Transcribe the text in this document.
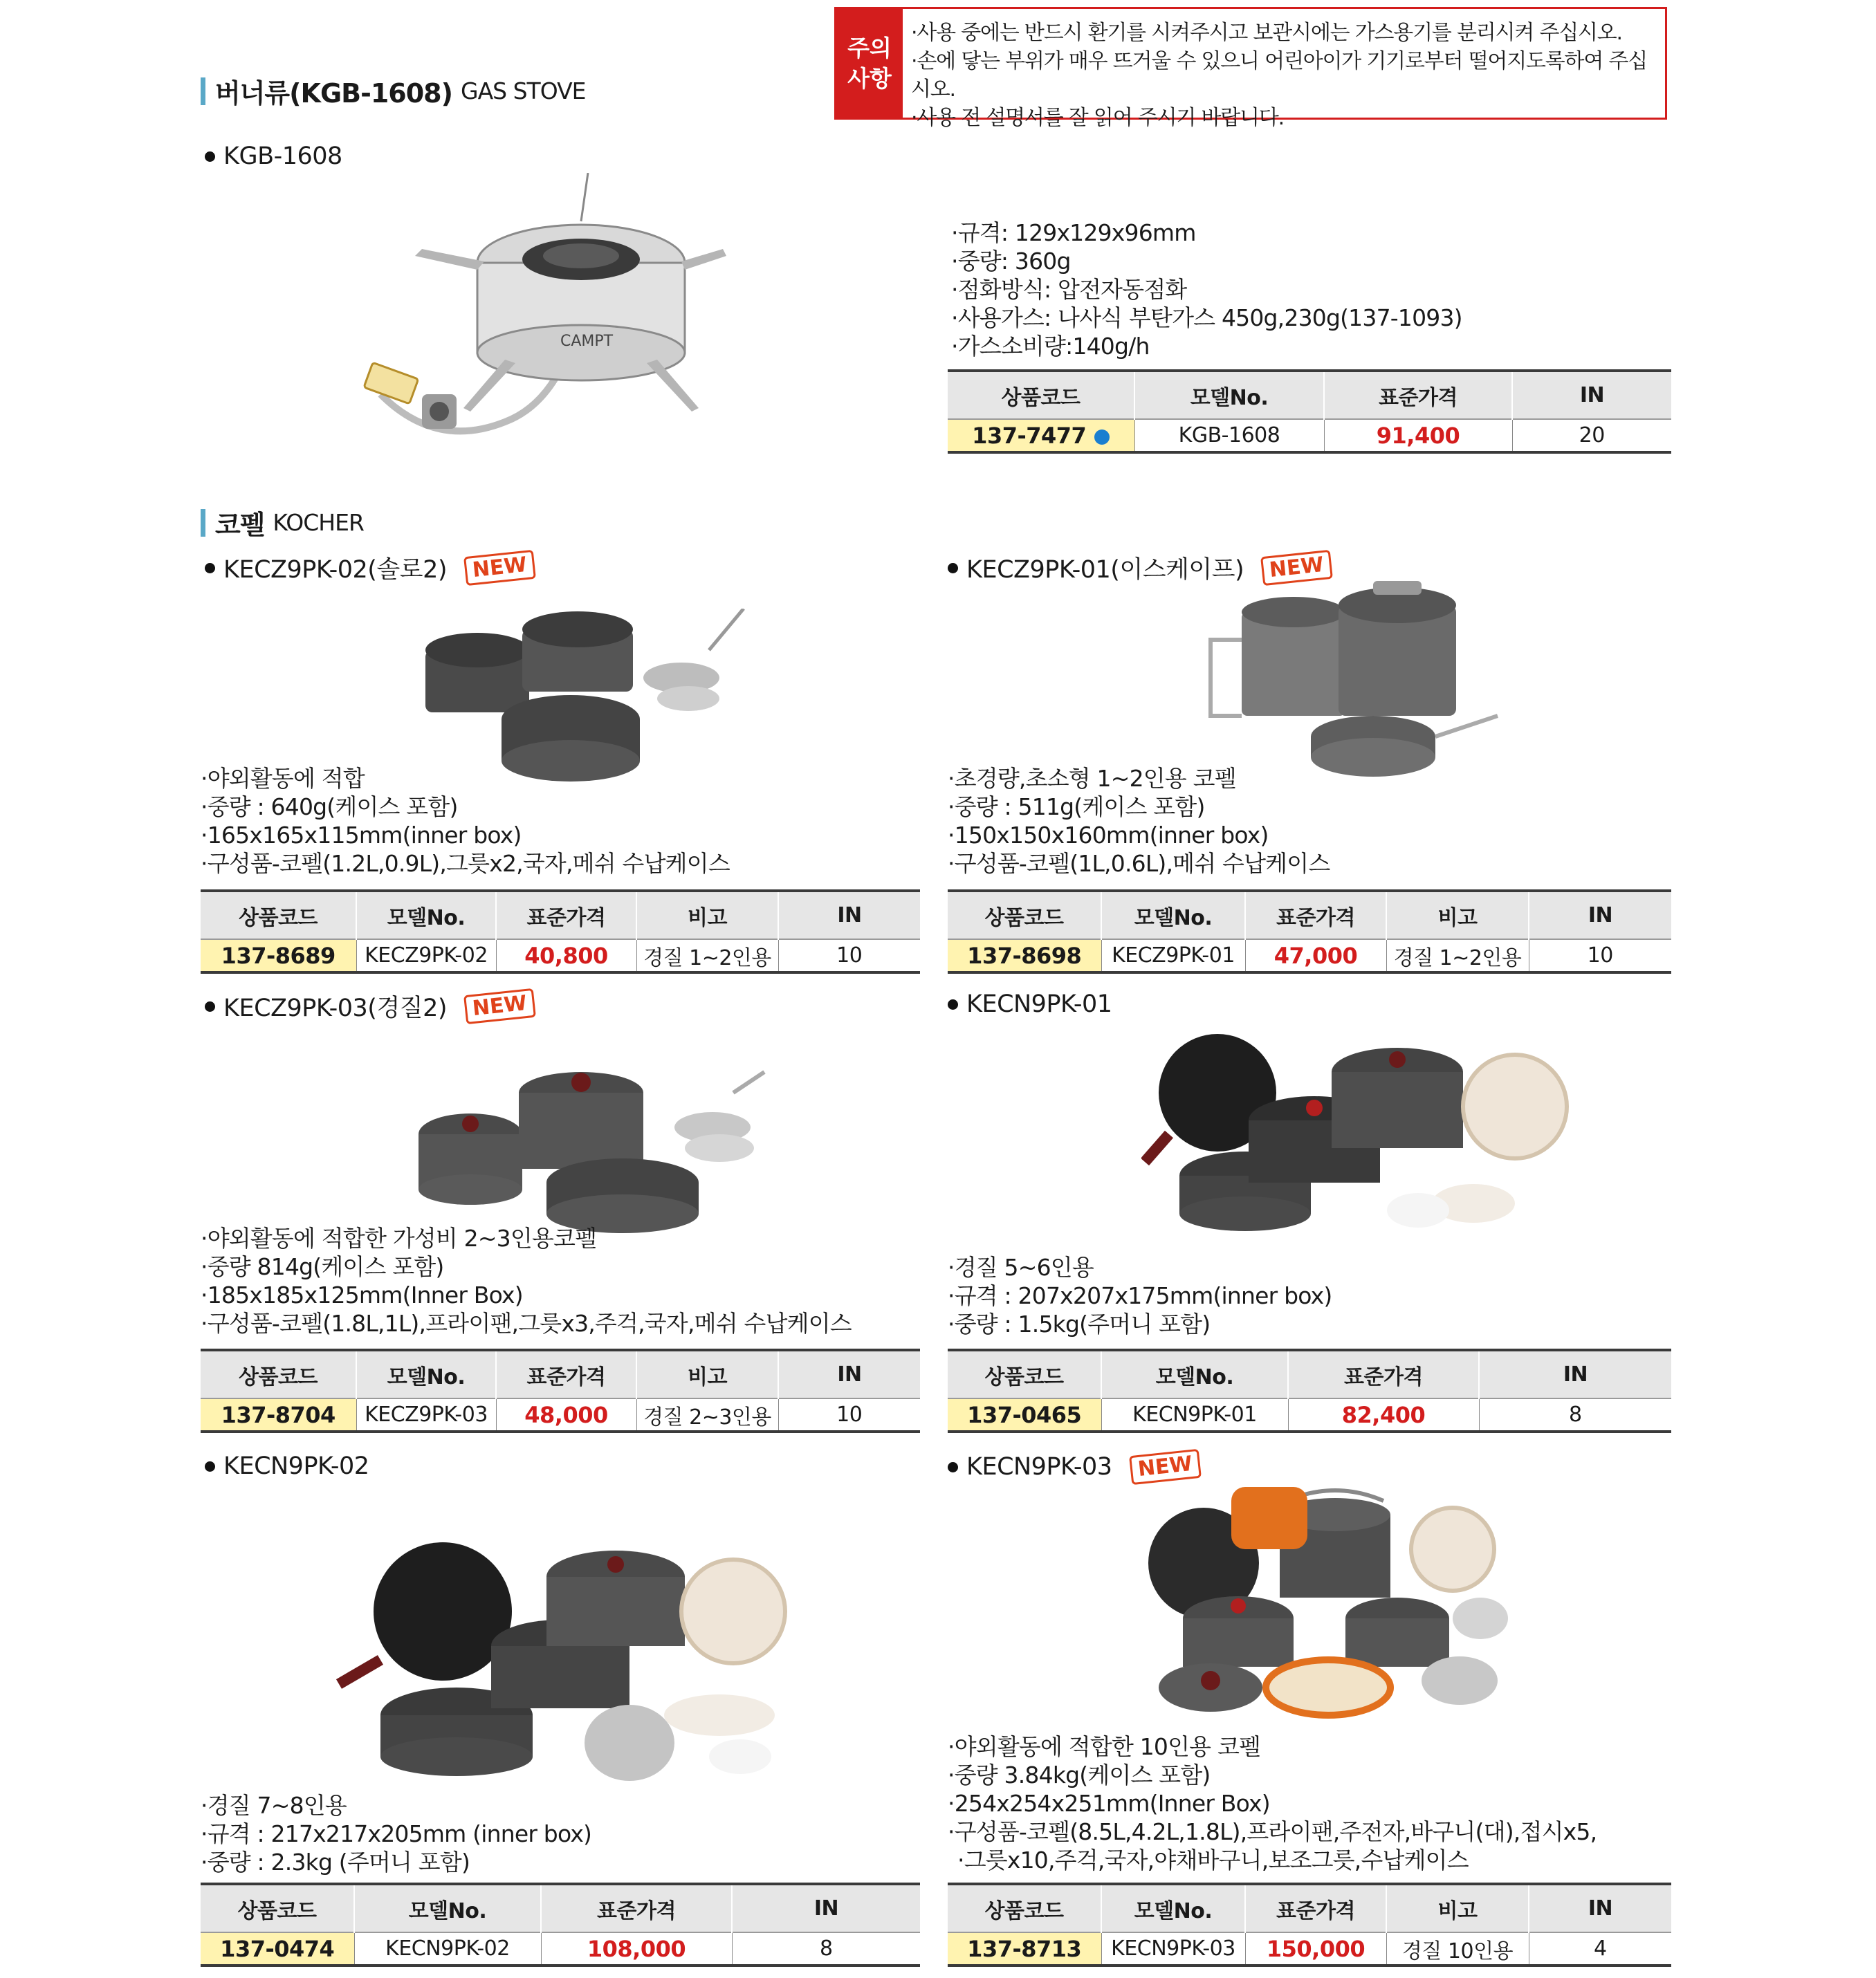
버너류(KGB-1608) GAS STOVE
주의
사항
·사용 중에는 반드시 환기를 시켜주시고 보관시에는 가스용기를 분리시켜 주십시오.
·손에 닿는 부위가 매우 뜨거울 수 있으니 어린아이가 기기로부터 떨어지도록하여 주십시오.
·사용 전 설명서를 잘 읽어 주시기 바랍니다.
KGB-1608
CAMPT
· 규격: 129x129x96mm
· 중량: 360g
· 점화방식: 압전자동점화
· 사용가스: 나사식 부탄가스 450g,230g(137-1093)
· 가스소비량:140g/h
상품코드	모델No.	표준가격	IN
137-7477	KGB-1608	91,400	20
코펠 KOCHER
KECZ9PK-02(솔로2)	NEW
· 야외활동에 적합
· 중량 : 640g(케이스 포함)
· 165x165x115mm(inner box)
· 구성품-코펠(1.2L,0.9L),그릇x2,국자,메쉬 수납케이스
상품코드	모델No.	표준가격	비고	IN
137-8689	KECZ9PK-02	40,800	경질 1~2인용	10
KECZ9PK-01(이스케이프)	NEW
· 초경량,초소형 1~2인용 코펠
· 중량 : 511g(케이스 포함)
· 150x150x160mm(inner box)
· 구성품-코펠(1L,0.6L),메쉬 수납케이스
상품코드	모델No.	표준가격	비고	IN
137-8698	KECZ9PK-01	47,000	경질 1~2인용	10
KECZ9PK-03(경질2)	NEW
· 야외활동에 적합한 가성비 2~3인용코펠
· 중량 814g(케이스 포함)
· 185x185x125mm(Inner Box)
· 구성품-코펠(1.8L,1L),프라이팬,그릇x3,주걱,국자,메쉬 수납케이스
상품코드	모델No.	표준가격	비고	IN
137-8704	KECZ9PK-03	48,000	경질 2~3인용	10
KECN9PK-01
· 경질 5~6인용
· 규격 : 207x207x175mm(inner box)
· 중량 : 1.5kg(주머니 포함)
상품코드	모델No.	표준가격	IN
137-0465	KECN9PK-01	82,400	8
KECN9PK-02
· 경질 7~8인용
· 규격 : 217x217x205mm (inner box)
· 중량 : 2.3kg (주머니 포함)
상품코드	모델No.	표준가격	IN
137-0474	KECN9PK-02	108,000	8
KECN9PK-03	NEW
· 야외활동에 적합한 10인용 코펠
· 중량 3.84kg(케이스 포함)
· 254x254x251mm(Inner Box)
· 구성품-코펠(8.5L,4.2L,1.8L),프라이팬,주전자,바구니(대),접시x5,
· 그릇x10,주걱,국자,야채바구니,보조그릇,수납케이스
상품코드	모델No.	표준가격	비고	IN
137-8713	KECN9PK-03	150,000	경질 10인용	4
